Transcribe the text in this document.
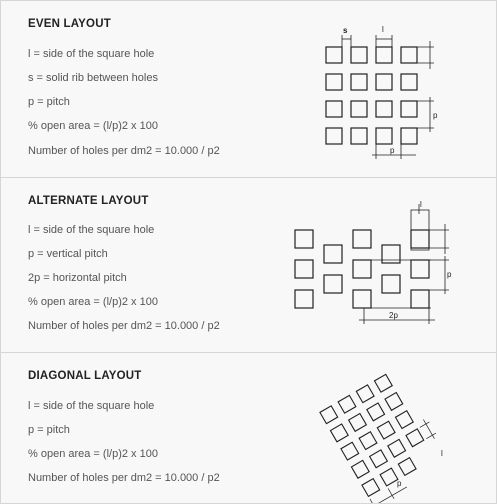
EVEN LAYOUT
l = side of the square hole
s = solid rib between holes
p = pitch
% open area = (l/p)2 x 100
Number of holes per dm2 = 10.000 / p2
s	l
p
p
ALTERNATE LAYOUT
l = side of the square hole
p = vertical pitch
2p = horizontal pitch
% open area = (l/p)2 x 100
Number of holes per dm2 = 10.000 / p2
l
p
2p
DIAGONAL LAYOUT
l = side of the square hole
p = pitch
% open area = (l/p)2 x 100
Number of holes per dm2 = 10.000 / p2	p
l
